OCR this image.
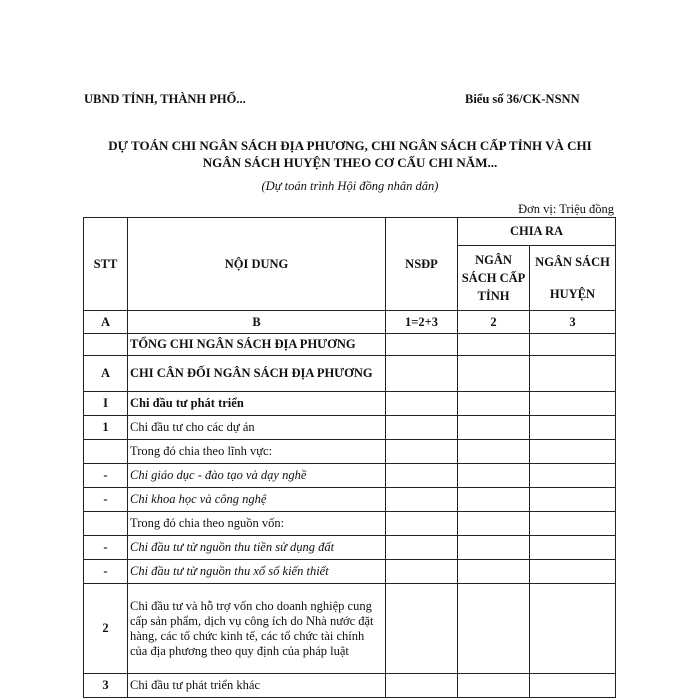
UBND TỈNH, THÀNH PHỐ...	Biểu số 36/CK-NSNN
DỰ TOÁN CHI NGÂN SÁCH ĐỊA PHƯƠNG, CHI NGÂN SÁCH CẤP TỈNH VÀ CHI
NGÂN SÁCH HUYỆN THEO CƠ CẤU CHI NĂM...
(Dự toán trình Hội đồng nhân dân)
Đơn vị: Triệu đồng
STT	NỘI DUNG	NSĐP	CHIA RA	
			NGÂN SÁCH CẤP TỈNH	NGÂN SÁCH HUYỆN
A	B	1=2+3	2	3
	TỔNG CHI NGÂN SÁCH ĐỊA PHƯƠNG			
A	CHI CÂN ĐỐI NGÂN SÁCH ĐỊA PHƯƠNG			
I	Chi đầu tư phát triển			
1	Chi đầu tư cho các dự án			
	Trong đó chia theo lĩnh vực:			
-	Chi giáo dục - đào tạo và dạy nghề			
-	Chi khoa học và công nghệ			
	Trong đó chia theo nguồn vốn:			
-	Chi đầu tư từ nguồn thu tiền sử dụng đất			
-	Chi đầu tư từ nguồn thu xổ số kiến thiết			
2	Chi đầu tư và hỗ trợ vốn cho doanh nghiệp cung cấp sản phẩm, dịch vụ công ích do Nhà nước đặt hàng, các tổ chức kinh tế, các tổ chức tài chính của địa phương theo quy định của pháp luật			
3	Chi đầu tư phát triển khác			
